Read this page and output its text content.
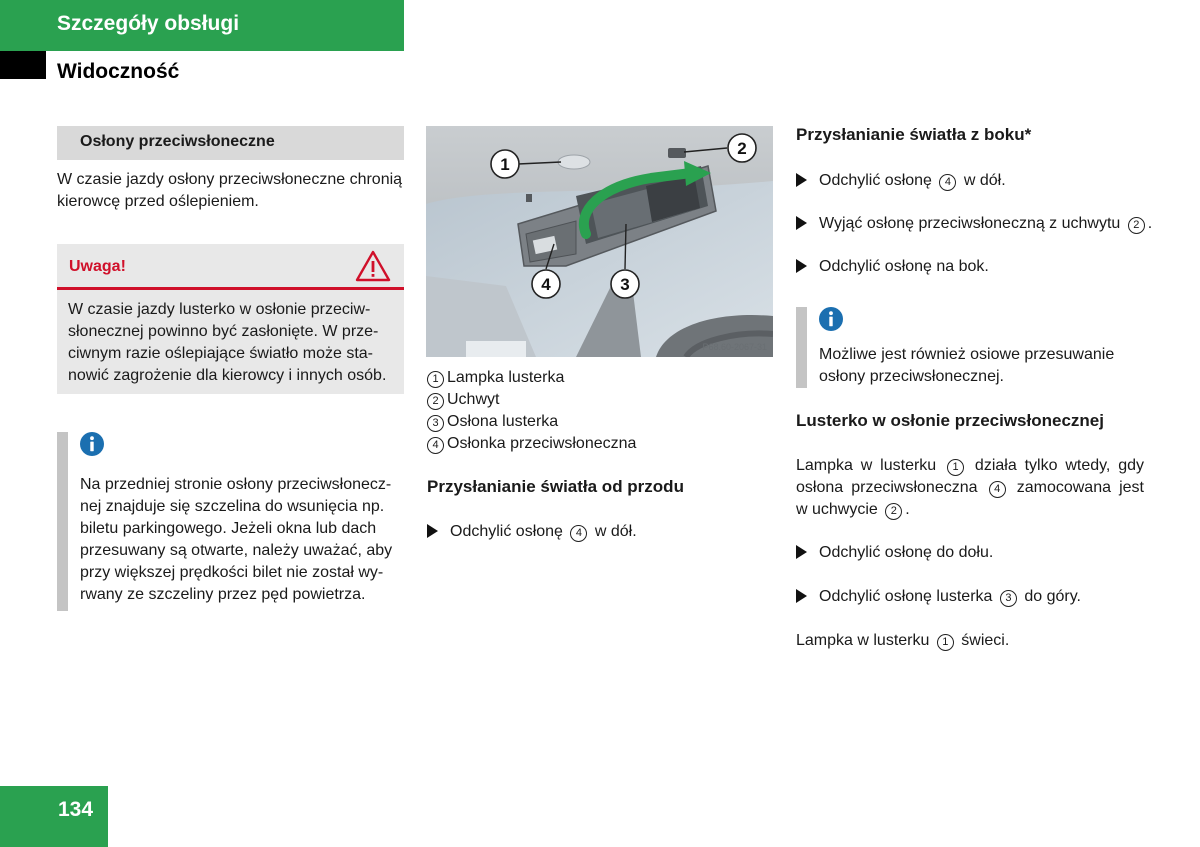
Szczegóły obsługi
Widoczność
Osłony przeciwsłoneczne
W czasie jazdy osłony przeciwsłoneczne chronią kierowcę przed oślepieniem.
Uwaga!
W czasie jazdy lusterko w osłonie przeciw-
słonecznej powinno być zasłonięte. W prze-
ciwnym razie oślepiające światło może sta-
nowić zagrożenie dla kierowcy i innych osób.
Na przedniej stronie osłony przeciwsłonecz-
nej znajduje się szczelina do wsunięcia np.
biletu parkingowego. Jeżeli okna lub dach
przesuwany są otwarte, należy uważać, aby
przy większej prędkości bilet nie został wy-
rwany ze szczeliny przez pęd powietrza.
1
2
3
4
P68.60-2067-31
1 Lampka lusterka
2 Uchwyt
3 Osłona lusterka
4 Osłonka przeciwsłoneczna
Przysłanianie światła od przodu
Odchylić osłonę 4 w dół.
Przysłanianie światła z boku*
Odchylić osłonę 4 w dół.
Wyjąć osłonę przeciwsłoneczną z uchwytu 2 .
Odchylić osłonę na bok.
Możliwe jest również osiowe przesuwanie
osłony przeciwsłonecznej.
Lusterko w osłonie przeciwsłonecznej
Lampka w lusterku 1 działa tylko wtedy, gdy osłona przeciwsłoneczna 4 zamocowana jest w uchwycie 2 .
Odchylić osłonę do dołu.
Odchylić osłonę lusterka 3 do góry.
Lampka w lusterku 1 świeci.
134
